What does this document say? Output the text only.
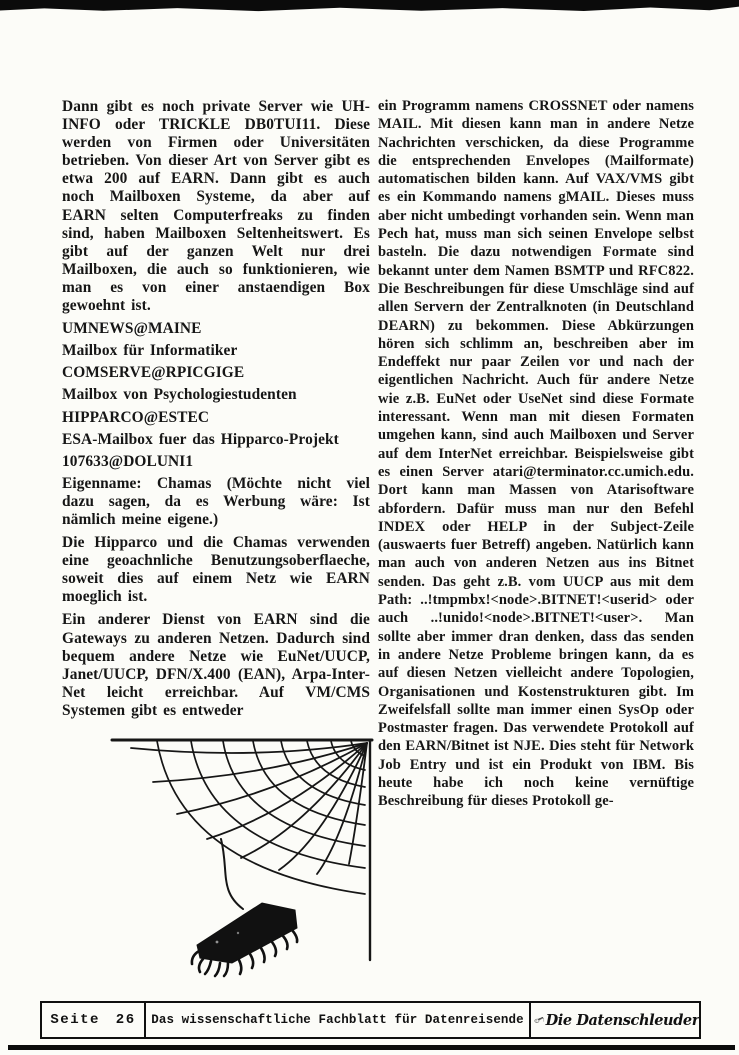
Dann gibt es noch private Server wie UH-INFO oder TRICKLE DB0TUI11. Diese werden von Firmen oder Universitäten betrieben. Von dieser Art von Server gibt es etwa 200 auf EARN. Dann gibt es auch noch Mailboxen Systeme, da aber auf EARN selten Computerfreaks zu finden sind, haben Mailboxen Seltenheitswert. Es gibt auf der ganzen Welt nur drei Mailboxen, die auch so funktionieren, wie man es von einer anstaendigen Box gewoehnt ist.

UMNEWS@MAINE

Mailbox für Informatiker

COMSERVE@RPICGIGE

Mailbox von Psychologiestudenten

HIPPARCO@ESTEC

ESA-Mailbox fuer das Hipparco-Projekt

107633@DOLUNI1

Eigenname: Chamas (Möchte nicht viel dazu sagen, da es Werbung wäre: Ist nämlich meine eigene.)

Die Hipparco und die Chamas verwenden eine geoachnliche Benutzungsoberflaeche, soweit dies auf einem Netz wie EARN moeglich ist.

Ein anderer Dienst von EARN sind die Gateways zu anderen Netzen. Dadurch sind bequem andere Netze wie EuNet/UUCP, Janet/UUCP, DFN/X.400 (EAN), Arpa-Inter-Net leicht erreichbar. Auf VM/CMS Systemen gibt es entweder

ein Programm namens CROSSNET oder namens MAIL. Mit diesen kann man in andere Netze Nachrichten verschicken, da diese Programme die entsprechenden Envelopes (Mailformate) automatischen bilden kann. Auf VAX/VMS gibt es ein Kommando namens gMAIL. Dieses muss aber nicht umbedingt vorhanden sein. Wenn man Pech hat, muss man sich seinen Envelope selbst basteln. Die dazu notwendigen Formate sind bekannt unter dem Namen BSMTP und RFC822. Die Beschreibungen für diese Umschläge sind auf allen Servern der Zentralknoten (in Deutschland DEARN) zu bekommen. Diese Abkürzungen hören sich schlimm an, beschreiben aber im Endeffekt nur paar Zeilen vor und nach der eigentlichen Nachricht. Auch für andere Netze wie z.B. EuNet oder UseNet sind diese Formate interessant. Wenn man mit diesen Formaten umgehen kann, sind auch Mailboxen und Server auf dem InterNet erreichbar. Beispielsweise gibt es einen Server atari@terminator.cc.umich.edu. Dort kann man Massen von Atarisoftware abfordern. Dafür muss man nur den Befehl INDEX oder HELP in der Subject-Zeile (auswaerts fuer Betreff) angeben. Natürlich kann man auch von anderen Netzen aus ins Bitnet senden. Das geht z.B. vom UUCP aus mit dem Path: ..!tmpmbx!<node>.BITNET!<userid> oder auch ..!unido!<node>.BITNET!<user>. Man sollte aber immer dran denken, dass das senden in andere Netze Probleme bringen kann, da es auf diesen Netzen vielleicht andere Topologien, Organisationen und Kostenstrukturen gibt. Im Zweifelsfall sollte man immer einen SysOp oder Postmaster fragen. Das verwendete Protokoll auf den EARN/Bitnet ist NJE. Dies steht für Network Job Entry und ist ein Produkt von IBM. Bis heute habe ich noch keine vernüftige Beschreibung für dieses Protokoll ge-

Seite 26	Das wissenschaftliche Fachblatt für Datenreisende	Die Datenschleuder
